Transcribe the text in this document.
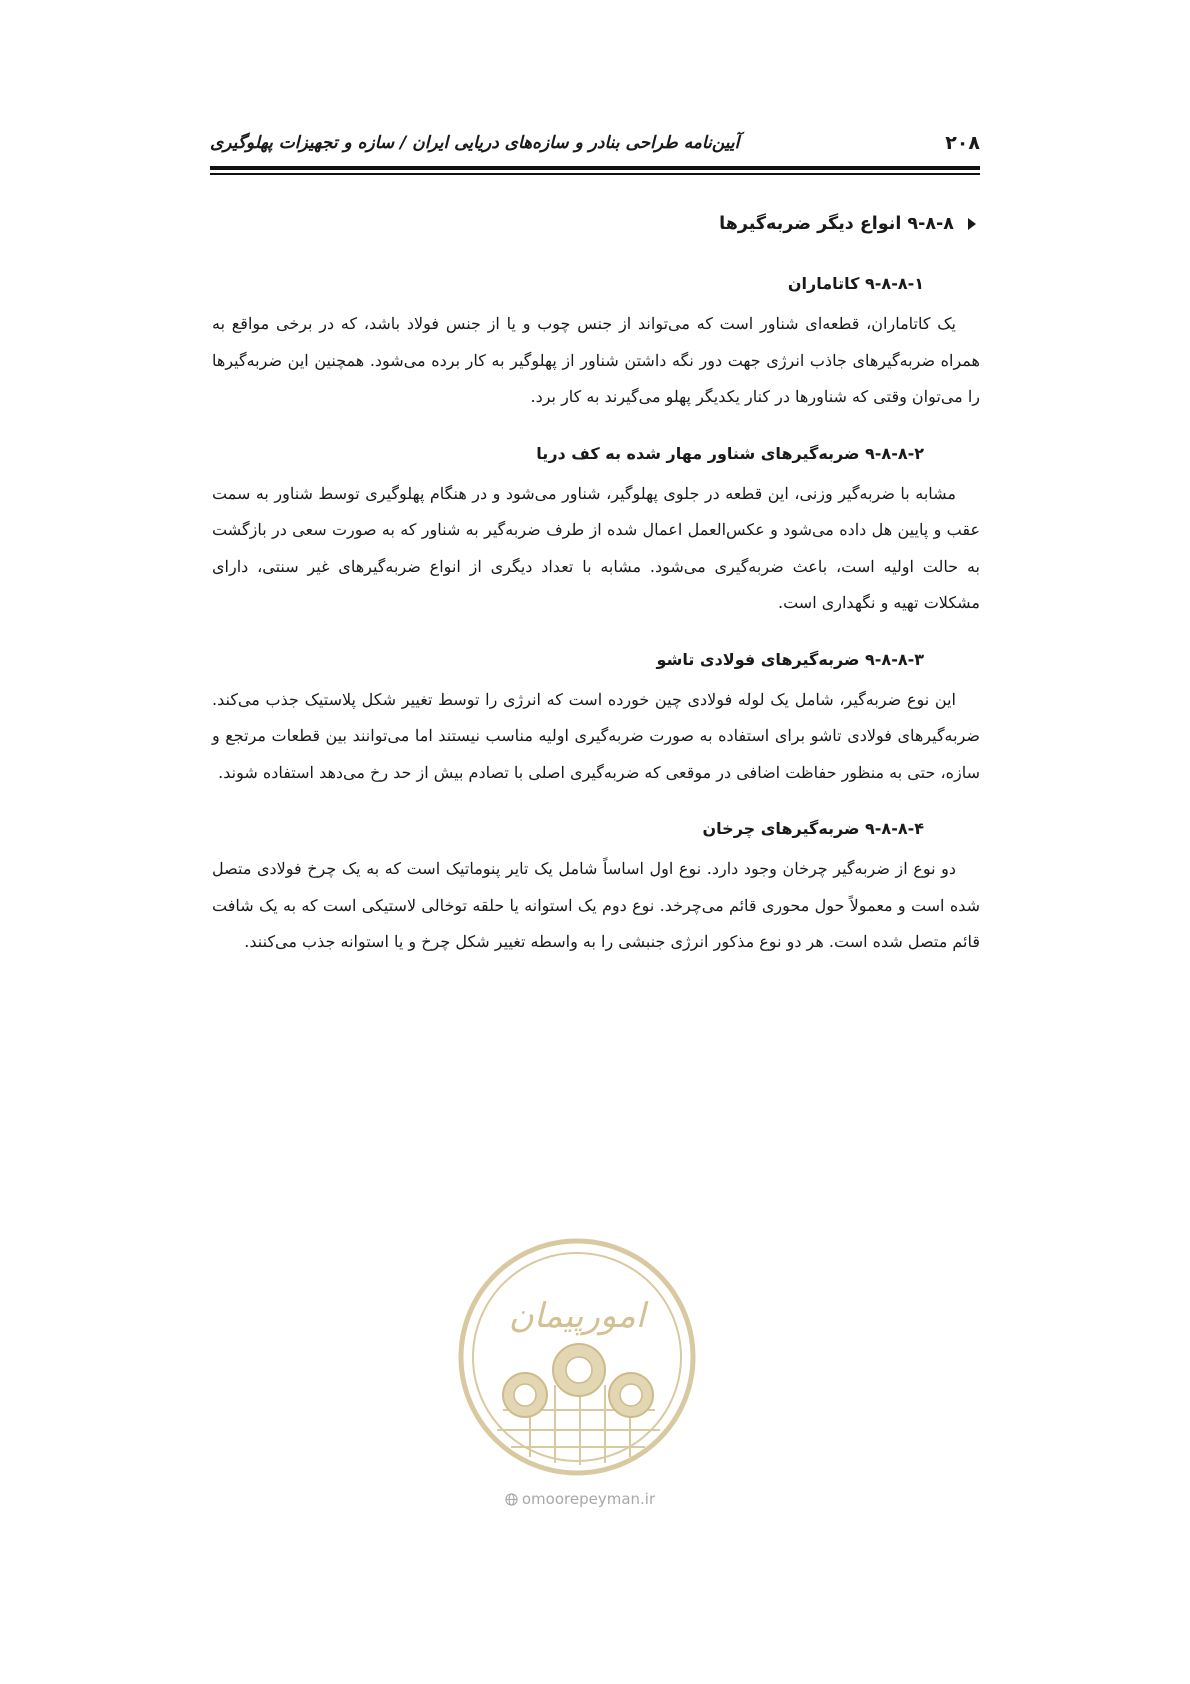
۲۰۸
آیین‌نامه طراحی بنادر و سازه‌های دریایی ایران / سازه و تجهیزات پهلوگیری
۹-۸-۸ انواع دیگر ضربه‌گیرها
۹-۸-۸-۱ کاتاماران

یک کاتاماران، قطعه‌ای شناور است که می‌تواند از جنس چوب و یا از جنس فولاد باشد، که در برخی مواقع به همراه ضربه‌گیرهای جاذب انرژی جهت دور نگه داشتن شناور از پهلوگیر به کار برده می‌شود. همچنین این ضربه‌گیرها را می‌توان وقتی که شناورها در کنار یکدیگر پهلو می‌گیرند به کار برد.

۹-۸-۸-۲ ضربه‌گیرهای شناور مهار شده به کف دریا

مشابه با ضربه‌گیر وزنی، این قطعه در جلوی پهلوگیر، شناور می‌شود و در هنگام پهلوگیری توسط شناور به سمت عقب و پایین هل داده می‌شود و عکس‌العمل اعمال شده از طرف ضربه‌گیر به شناور که به صورت سعی در بازگشت به حالت اولیه است، باعث ضربه‌گیری می‌شود. مشابه با تعداد دیگری از انواع ضربه‌گیرهای غیر سنتی، دارای مشکلات تهیه و نگهداری است.

۹-۸-۸-۳ ضربه‌گیرهای فولادی تاشو

این نوع ضربه‌گیر، شامل یک لوله فولادی چین خورده است که انرژی را توسط تغییر شکل پلاستیک جذب می‌کند. ضربه‌گیرهای فولادی تاشو برای استفاده به صورت ضربه‌گیری اولیه مناسب نیستند اما می‌توانند بین قطعات مرتجع و سازه، حتی به منظور حفاظت اضافی در موقعی که ضربه‌گیری اصلی با تصادم بیش از حد رخ می‌دهد استفاده شوند.

۹-۸-۸-۴ ضربه‌گیرهای چرخان

دو نوع از ضربه‌گیر چرخان وجود دارد. نوع اول اساساً شامل یک تایر پنوماتیک است که به یک چرخ فولادی متصل شده است و معمولاً حول محوری قائم می‌چرخد. نوع دوم یک استوانه یا حلقه توخالی لاستیکی است که به یک شافت قائم متصل شده است. هر دو نوع مذکور انرژی جنبشی را به واسطه تغییر شکل چرخ و یا استوانه جذب می‌کنند.

امورپیمان
omoorepeyman.ir
